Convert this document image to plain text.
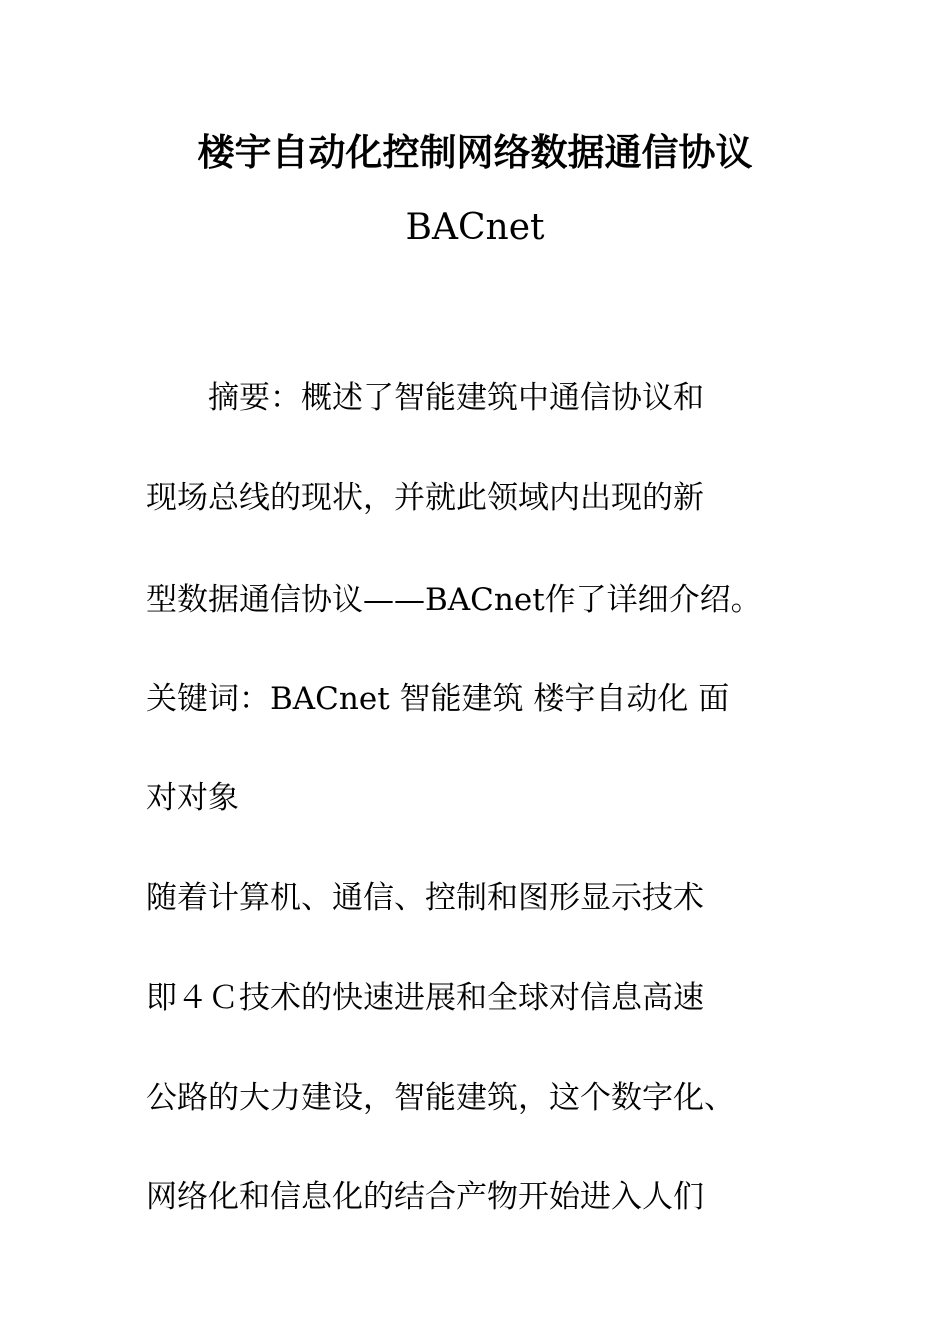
楼宇自动化控制网络数据通信协议
BACnet
　　摘要：概述了智能建筑中通信协议和
现场总线的现状，并就此领域内出现的新
型数据通信协议——BACnet作了详细介绍。
关键词：BACnet 智能建筑 楼宇自动化 面
对对象
随着计算机、通信、控制和图形显示技术
即４Ｃ技术的快速进展和全球对信息高速
公路的大力建设，智能建筑，这个数字化、
网络化和信息化的结合产物开始进入人们
